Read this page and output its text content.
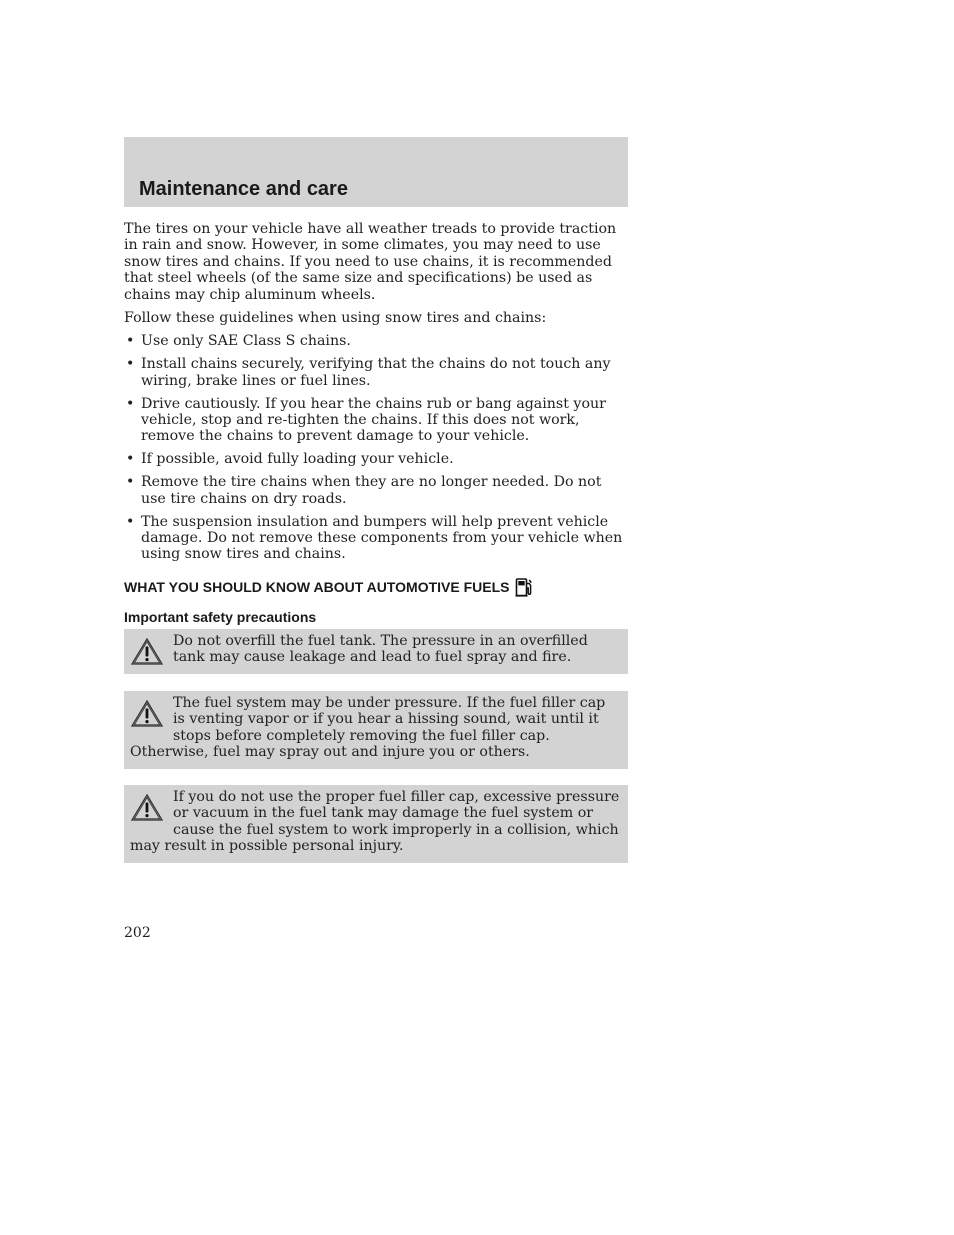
Maintenance and care

The tires on your vehicle have all weather treads to provide traction in rain and snow. However, in some climates, you may need to use snow tires and chains. If you need to use chains, it is recommended that steel wheels (of the same size and specifications) be used as chains may chip aluminum wheels.

Follow these guidelines when using snow tires and chains:

• Use only SAE Class S chains.
• Install chains securely, verifying that the chains do not touch any wiring, brake lines or fuel lines.
• Drive cautiously. If you hear the chains rub or bang against your vehicle, stop and re-tighten the chains. If this does not work, remove the chains to prevent damage to your vehicle.
• If possible, avoid fully loading your vehicle.
• Remove the tire chains when they are no longer needed. Do not use tire chains on dry roads.
• The suspension insulation and bumpers will help prevent vehicle damage. Do not remove these components from your vehicle when using snow tires and chains.
WHAT YOU SHOULD KNOW ABOUT AUTOMOTIVE FUELS
Important safety precautions
Do not overfill the fuel tank. The pressure in an overfilled tank may cause leakage and lead to fuel spray and fire.
The fuel system may be under pressure. If the fuel filler cap is venting vapor or if you hear a hissing sound, wait until it stops before completely removing the fuel filler cap. Otherwise, fuel may spray out and injure you or others.
If you do not use the proper fuel filler cap, excessive pressure or vacuum in the fuel tank may damage the fuel system or cause the fuel system to work improperly in a collision, which may result in possible personal injury.

202
